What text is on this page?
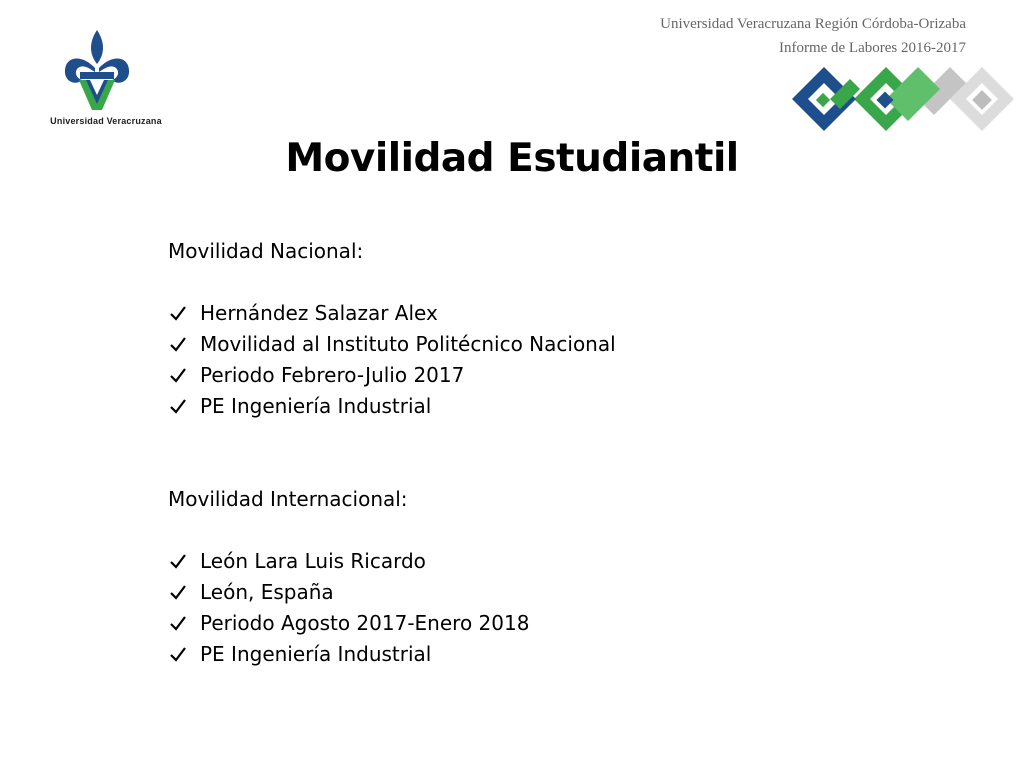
Universidad Veracruzana
Universidad Veracruzana Región Córdoba-Orizaba
Informe de Labores 2016-2017
Movilidad Estudiantil
Movilidad Nacional:
Hernández Salazar Alex
Movilidad al Instituto Politécnico Nacional
Periodo Febrero-Julio 2017
PE Ingeniería Industrial
Movilidad Internacional:
León Lara Luis Ricardo
León, España
Periodo Agosto 2017-Enero 2018
PE Ingeniería Industrial
